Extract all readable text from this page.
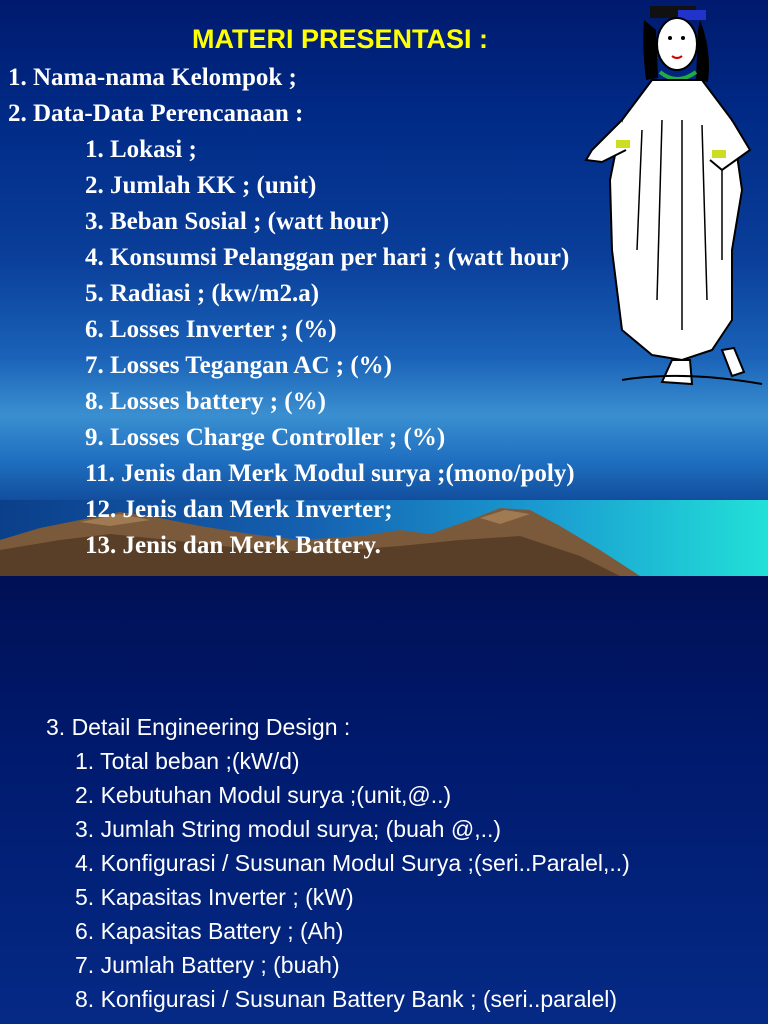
MATERI PRESENTASI :
1. Nama-nama Kelompok ;
2. Data-Data Perencanaan :
1. Lokasi ;
2. Jumlah KK ; (unit)
3. Beban Sosial ; (watt hour)
4. Konsumsi Pelanggan per hari ; (watt hour)
5. Radiasi ; (kw/m2.a)
6. Losses Inverter ; (%)
7. Losses Tegangan AC ; (%)
8. Losses battery ; (%)
9. Losses Charge Controller ; (%)
11. Jenis dan Merk Modul surya ;(mono/poly)
12. Jenis dan Merk Inverter;
13. Jenis dan Merk Battery.
3. Detail Engineering Design :
1. Total beban ;(kW/d)
2. Kebutuhan Modul surya ;(unit,@..)
3. Jumlah String modul surya; (buah @,..)
4. Konfigurasi / Susunan Modul Surya ;(seri..Paralel,..)
5. Kapasitas Inverter ; (kW)
6. Kapasitas Battery ; (Ah)
7. Jumlah Battery ; (buah)
8. Konfigurasi / Susunan Battery Bank ; (seri..paralel)
